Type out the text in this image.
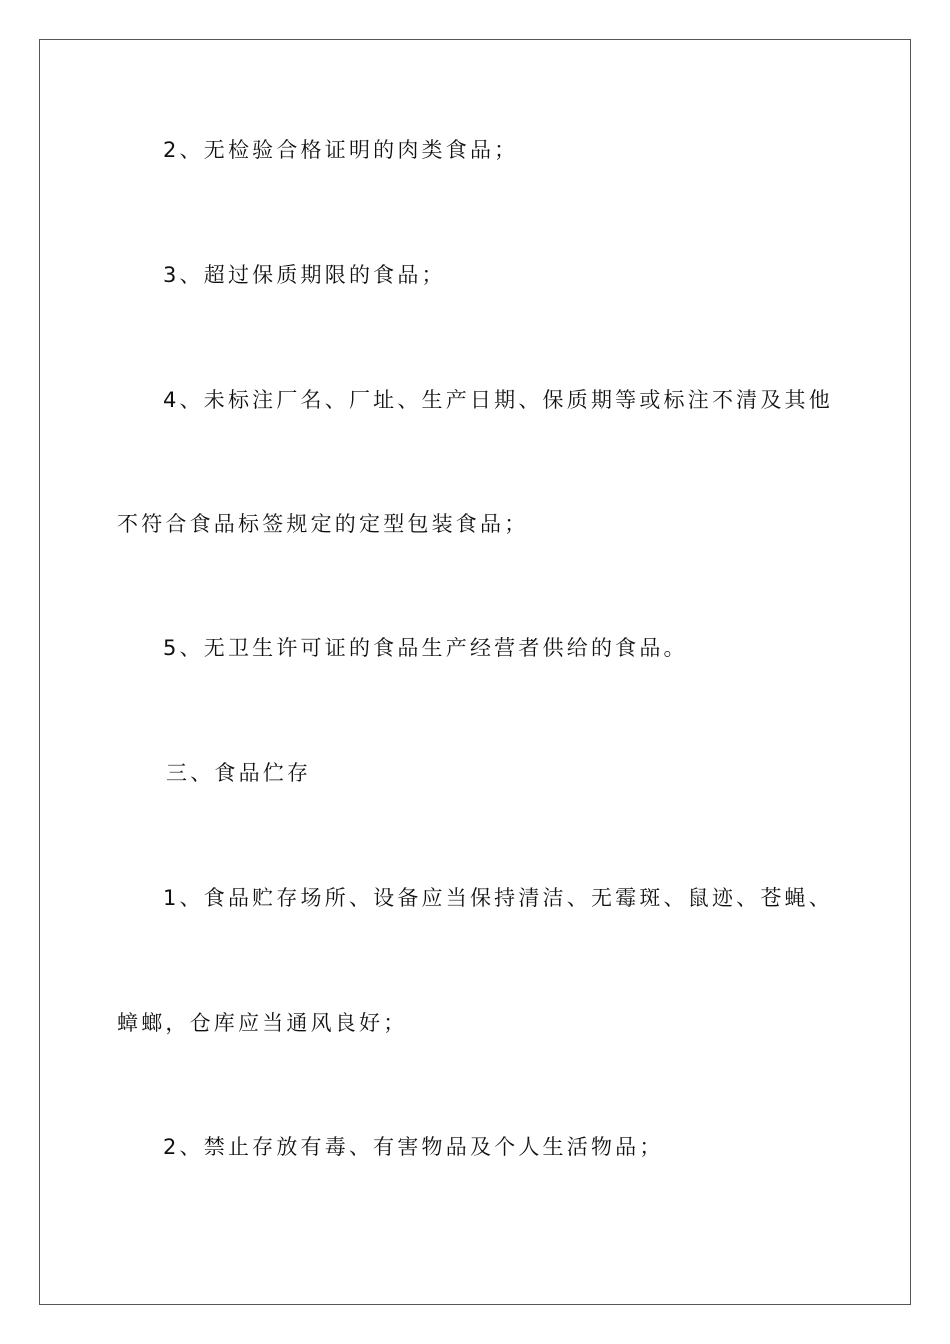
2、无检验合格证明的肉类食品；
3、超过保质期限的食品；
4、未标注厂名、厂址、生产日期、保质期等或标注不清及其他
不符合食品标签规定的定型包装食品；
5、无卫生许可证的食品生产经营者供给的食品。
三、食品伫存
1、食品贮存场所、设备应当保持清洁、无霉斑、鼠迹、苍蝇、
蟑螂，仓库应当通风良好；
2、禁止存放有毒、有害物品及个人生活物品；
